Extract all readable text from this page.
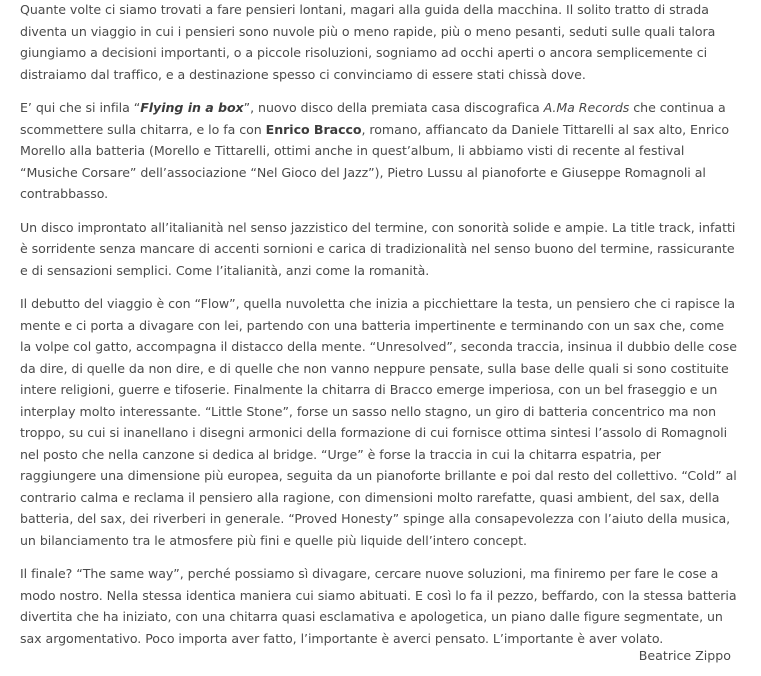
Quante volte ci siamo trovati a fare pensieri lontani, magari alla guida della macchina. Il solito tratto di strada diventa un viaggio in cui i pensieri sono nuvole più o meno rapide, più o meno pesanti, seduti sulle quali talora giungiamo a decisioni importanti, o a piccole risoluzioni, sogniamo ad occhi aperti o ancora semplicemente ci distraiamo dal traffico, e a destinazione spesso ci convinciamo di essere stati chissà dove.

E’ qui che si infila “Flying in a box”, nuovo disco della premiata casa discografica A.Ma Records che continua a scommettere sulla chitarra, e lo fa con Enrico Bracco, romano, affiancato da Daniele Tittarelli al sax alto, Enrico Morello alla batteria (Morello e Tittarelli, ottimi anche in quest’album, li abbiamo visti di recente al festival “Musiche Corsare” dell’associazione “Nel Gioco del Jazz”), Pietro Lussu al pianoforte e Giuseppe Romagnoli al contrabbasso.

Un disco improntato all’italianità nel senso jazzistico del termine, con sonorità solide e ampie. La title track, infatti è sorridente senza mancare di accenti sornioni e carica di tradizionalità nel senso buono del termine, rassicurante e di sensazioni semplici. Come l’italianità, anzi come la romanità.

Il debutto del viaggio è con “Flow”, quella nuvoletta che inizia a picchiettare la testa, un pensiero che ci rapisce la mente e ci porta a divagare con lei, partendo con una batteria impertinente e terminando con un sax che, come la volpe col gatto, accompagna il distacco della mente. “Unresolved”, seconda traccia, insinua il dubbio delle cose da dire, di quelle da non dire, e di quelle che non vanno neppure pensate, sulla base delle quali si sono costituite intere religioni, guerre e tifoserie. Finalmente la chitarra di Bracco emerge imperiosa, con un bel fraseggio e un interplay molto interessante. “Little Stone”, forse un sasso nello stagno, un giro di batteria concentrico ma non troppo, su cui si inanellano i disegni armonici della formazione di cui fornisce ottima sintesi l’assolo di Romagnoli nel posto che nella canzone si dedica al bridge. “Urge” è forse la traccia in cui la chitarra espatria, per raggiungere una dimensione più europea, seguita da un pianoforte brillante e poi dal resto del collettivo. “Cold” al contrario calma e reclama il pensiero alla ragione, con dimensioni molto rarefatte, quasi ambient, del sax, della batteria, del sax, dei riverberi in generale. “Proved Honesty” spinge alla consapevolezza con l’aiuto della musica, un bilanciamento tra le atmosfere più fini e quelle più liquide dell’intero concept.

Il finale? “The same way”, perché possiamo sì divagare, cercare nuove soluzioni, ma finiremo per fare le cose a modo nostro. Nella stessa identica maniera cui siamo abituati. E così lo fa il pezzo, beffardo, con la stessa batteria divertita che ha iniziato, con una chitarra quasi esclamativa e apologetica, un piano dalle figure segmentate, un sax argomentativo. Poco importa aver fatto, l’importante è averci pensato. L’importante è aver volato.

Beatrice Zippo
